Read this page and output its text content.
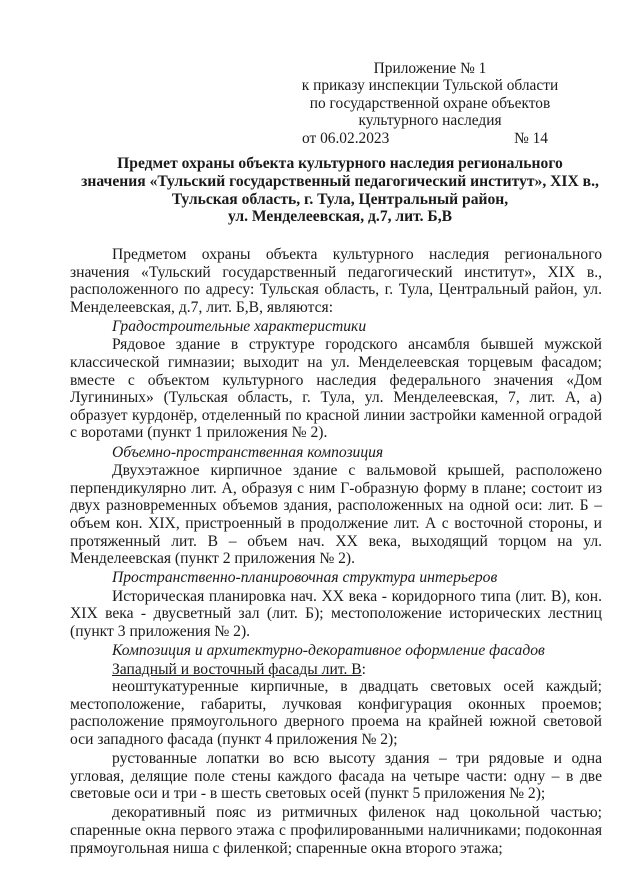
Приложение № 1
к приказу инспекции Тульской области
по государственной охране объектов
культурного наследия
от 06.02.2023	№ 14
Предмет охраны объекта культурного наследия регионального
значения «Тульский государственный педагогический институт», XIX в.,
Тульская область, г. Тула, Центральный район,
ул. Менделеевская, д.7, лит. Б,В

Предметом охраны объекта культурного наследия регионального значения «Тульский государственный педагогический институт», XIX в., расположенного по адресу: Тульская область, г. Тула, Центральный район, ул. Менделеевская, д.7, лит. Б,В, являются:

Градостроительные характеристики

Рядовое здание в структуре городского ансамбля бывшей мужской классической гимназии; выходит на ул. Менделеевская торцевым фасадом; вместе с объектом культурного наследия федерального значения «Дом Лугининых» (Тульская область, г. Тула, ул. Менделеевская, 7, лит. А, а) образует курдонёр, отделенный по красной линии застройки каменной оградой с воротами (пункт 1 приложения № 2).

Объемно-пространственная композиция

Двухэтажное кирпичное здание с вальмовой крышей, расположено перпендикулярно лит. А, образуя с ним Г-образную форму в плане; состоит из двух разновременных объемов здания, расположенных на одной оси: лит. Б – объем кон. XIX, пристроенный в продолжение лит. А с восточной стороны, и протяженный лит. В – объем нач. XX века, выходящий торцом на ул. Менделеевская (пункт 2 приложения № 2).

Пространственно-планировочная структура интерьеров

Историческая планировка нач. XX века - коридорного типа (лит. В), кон. XIX века - двусветный зал (лит. Б); местоположение исторических лестниц (пункт 3 приложения № 2).

Композиция и архитектурно-декоративное оформление фасадов

Западный и восточный фасады лит. В:

неоштукатуренные кирпичные, в двадцать световых осей каждый; местоположение, габариты, лучковая конфигурация оконных проемов; расположение прямоугольного дверного проема на крайней южной световой оси западного фасада (пункт 4 приложения № 2);

рустованные лопатки во всю высоту здания – три рядовые и одна угловая, делящие поле стены каждого фасада на четыре части: одну – в две световые оси и три - в шесть световых осей (пункт 5 приложения № 2);

декоративный пояс из ритмичных филенок над цокольной частью; спаренные окна первого этажа с профилированными наличниками; подоконная прямоугольная ниша с филенкой; спаренные окна второго этажа;
